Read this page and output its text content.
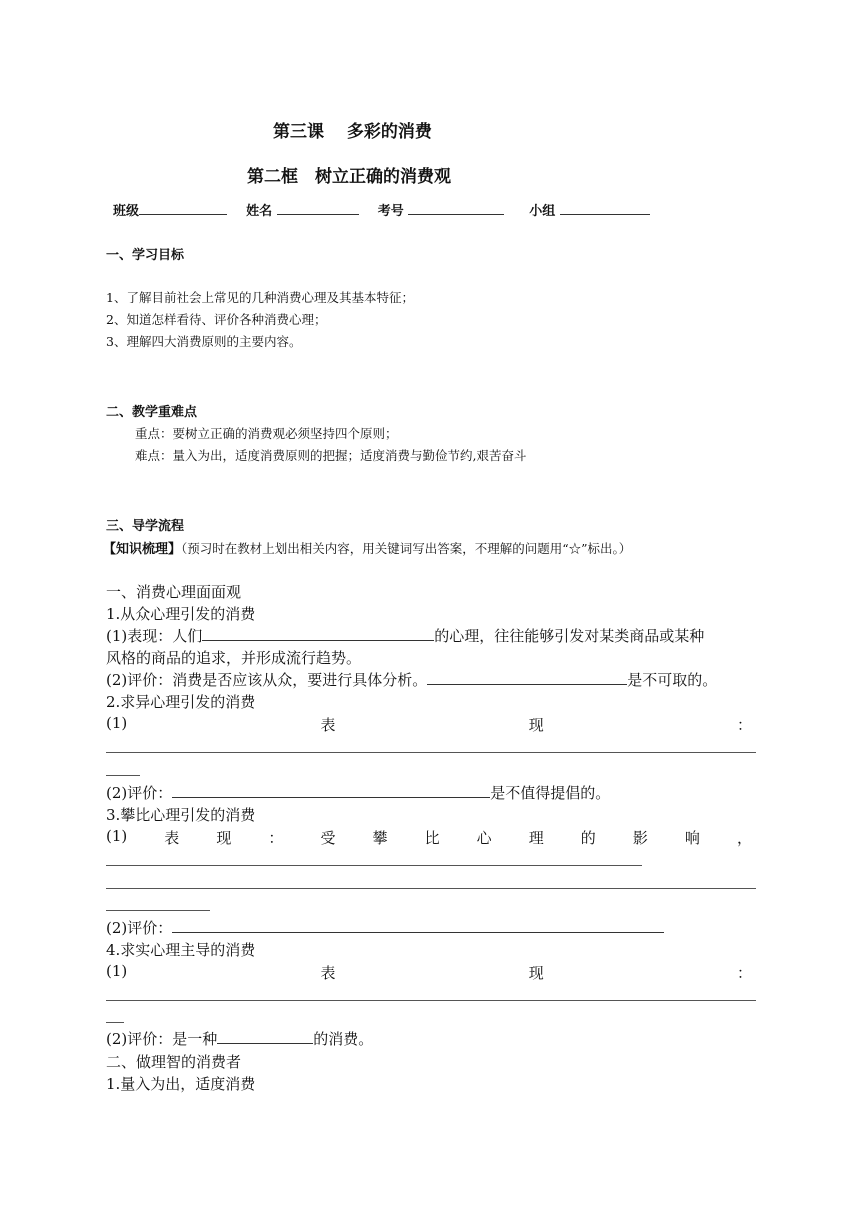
第三课　 多彩的消费
第二框　树立正确的消费观
班级	姓名	考号	小组
一、学习目标
1、了解目前社会上常见的几种消费心理及其基本特征；
2、知道怎样看待、评价各种消费心理；
3、理解四大消费原则的主要内容。
二、教学重难点
重点：要树立正确的消费观必须坚持四个原则；
难点：量入为出，适度消费原则的把握；适度消费与勤俭节约,艰苦奋斗
三、导学流程
【知识梳理】（预习时在教材上划出相关内容，用关键词写出答案，不理解的问题用“☆”标出。）
一、消费心理面面观
1.从众心理引发的消费
(1)表现：人们	的心理，往往能够引发对某类商品或某种
风格的商品的追求，并形成流行趋势。
(2)评价：消费是否应该从众，要进行具体分析。	是不可取的。
2.求异心理引发的消费
(1)	表	现	：
(2)评价：	是不值得提倡的。
3.攀比心理引发的消费
(1) 表 现 ： 受 攀 比 心 理 的 影 响 ，
(2)评价：
4.求实心理主导的消费
(1)	表	现	：
(2)评价：是一种	的消费。
二、做理智的消费者
1.量入为出，适度消费
